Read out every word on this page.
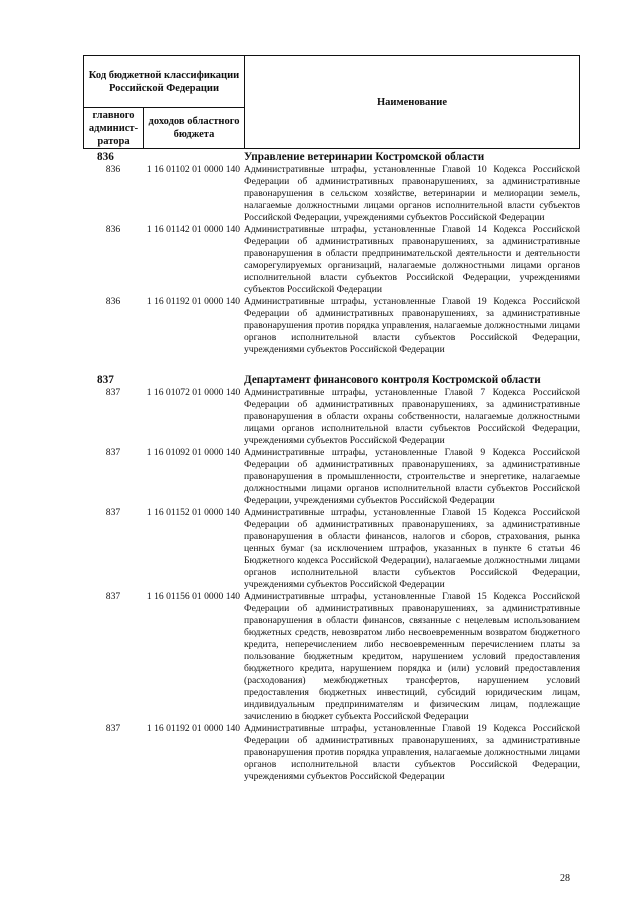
Код бюджетной классификации Российской Федерации		Наименование
главного админист-ратора	доходов областного бюджета	
836	Управление ветеринарии Костромской области
836	1 16 01102 01 0000 140 Административные штрафы, установленные Главой 10 Кодекса Российской Федерации об административных правонарушениях, за административные правонарушения в сельском хозяйстве, ветеринарии и мелиорации земель, налагаемые должностными лицами органов исполнительной власти субъектов Российской Федерации, учреждениями субъектов Российской Федерации
836	1 16 01142 01 0000 140 Административные штрафы, установленные Главой 14 Кодекса Российской Федерации об административных правонарушениях, за административные правонарушения в области предпринимательской деятельности и деятельности саморегулируемых организаций, налагаемые должностными лицами органов исполнительной власти субъектов Российской Федерации, учреждениями субъектов Российской Федерации
836	1 16 01192 01 0000 140 Административные штрафы, установленные Главой 19 Кодекса Российской Федерации об административных правонарушениях, за административные правонарушения против порядка управления, налагаемые должностными лицами органов исполнительной власти субъектов Российской Федерации, учреждениями субъектов Российской Федерации
837	Департамент финансового контроля Костромской области
837	1 16 01072 01 0000 140 Административные штрафы, установленные Главой 7 Кодекса Российской Федерации об административных правонарушениях, за административные правонарушения в области охраны собственности, налагаемые должностными лицами органов исполнительной власти субъектов Российской Федерации, учреждениями субъектов Российской Федерации
837	1 16 01092 01 0000 140 Административные штрафы, установленные Главой 9 Кодекса Российской Федерации об административных правонарушениях, за административные правонарушения в промышленности, строительстве и энергетике, налагаемые должностными лицами органов исполнительной власти субъектов Российской Федерации, учреждениями субъектов Российской Федерации
837	1 16 01152 01 0000 140 Административные штрафы, установленные Главой 15 Кодекса Российской Федерации об административных правонарушениях, за административные правонарушения в области финансов, налогов и сборов, страхования, рынка ценных бумаг (за исключением штрафов, указанных в пункте 6 статьи 46 Бюджетного кодекса Российской Федерации), налагаемые должностными лицами органов исполнительной власти субъектов Российской Федерации, учреждениями субъектов Российской Федерации
837	1 16 01156 01 0000 140 Административные штрафы, установленные Главой 15 Кодекса Российской Федерации об административных правонарушениях, за административные правонарушения в области финансов, связанные с нецелевым использованием бюджетных средств, невозвратом либо несвоевременным возвратом бюджетного кредита, неперечислением либо несвоевременным перечислением платы за пользование бюджетным кредитом, нарушением условий предоставления бюджетного кредита, нарушением порядка и (или) условий предоставления (расходования) межбюджетных трансфертов, нарушением условий предоставления бюджетных инвестиций, субсидий юридическим лицам, индивидуальным предпринимателям и физическим лицам, подлежащие зачислению в бюджет субъекта Российской Федерации
837	1 16 01192 01 0000 140 Административные штрафы, установленные Главой 19 Кодекса Российской Федерации об административных правонарушениях, за административные правонарушения против порядка управления, налагаемые должностными лицами органов исполнительной власти субъектов Российской Федерации, учреждениями субъектов Российской Федерации
28
